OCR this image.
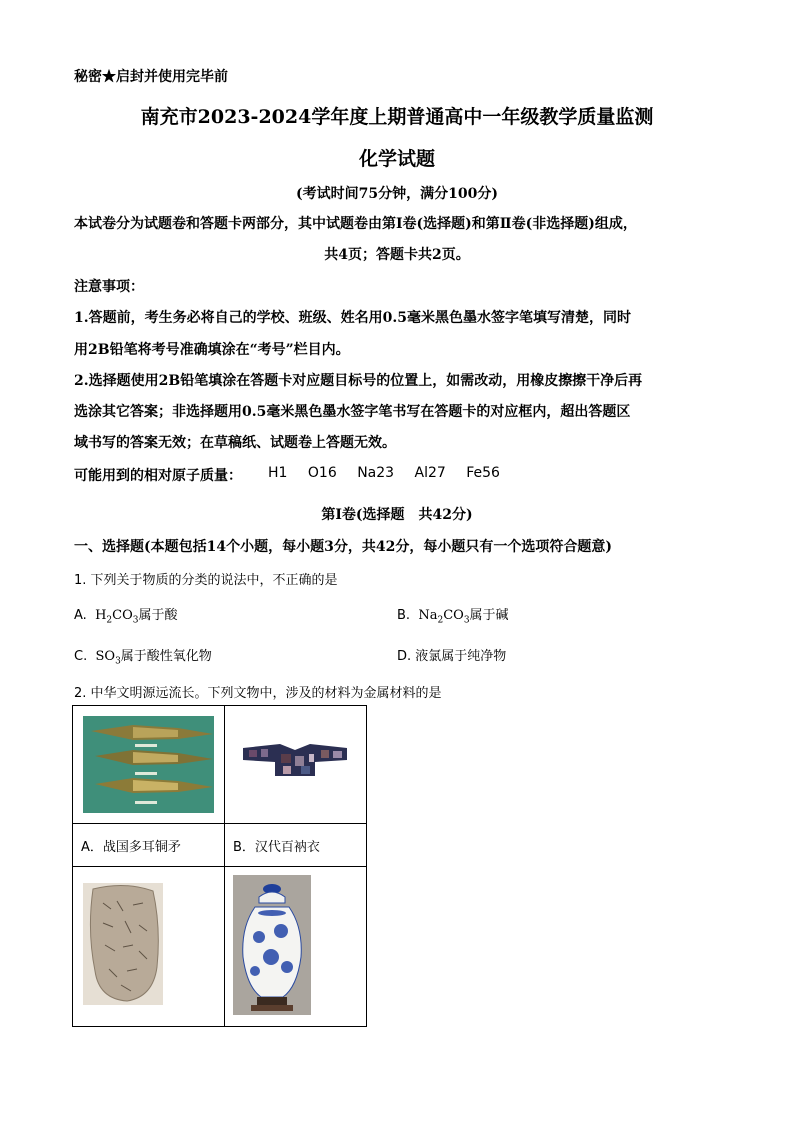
秘密★启封并使用完毕前
南充市2023-2024学年度上期普通高中一年级教学质量监测
化学试题
(考试时间75分钟，满分100分)
本试卷分为试题卷和答题卡两部分，其中试题卷由第Ⅰ卷(选择题)和第Ⅱ卷(非选择题)组成，
共4页；答题卡共2页。
注意事项：
1.答题前，考生务必将自己的学校、班级、姓名用0.5毫米黑色墨水签字笔填写清楚，同时
用2B铅笔将考号准确填涂在“考号”栏目内。
2.选择题使用2B铅笔填涂在答题卡对应题目标号的位置上，如需改动，用橡皮擦擦干净后再
选涂其它答案；非选择题用0.5毫米黑色墨水签字笔书写在答题卡的对应框内，超出答题区
域书写的答案无效；在草稿纸、试题卷上答题无效。
可能用到的相对原子质量： H1 O16 Na23 Al27 Fe56
第Ⅰ卷(选择题　共42分)
一、选择题(本题包括14个小题，每小题3分，共42分，每小题只有一个选项符合题意)
1. 下列关于物质的分类的说法中，不正确的是
A. $H_2CO_3$属于酸	B. $Na_2CO_3$属于碱
C. $SO_3$属于酸性氧化物	D. 液氯属于纯净物
2. 中华文明源远流长。下列文物中，涉及的材料为金属材料的是

A．战国多耳铜矛	B．汉代百衲衣
